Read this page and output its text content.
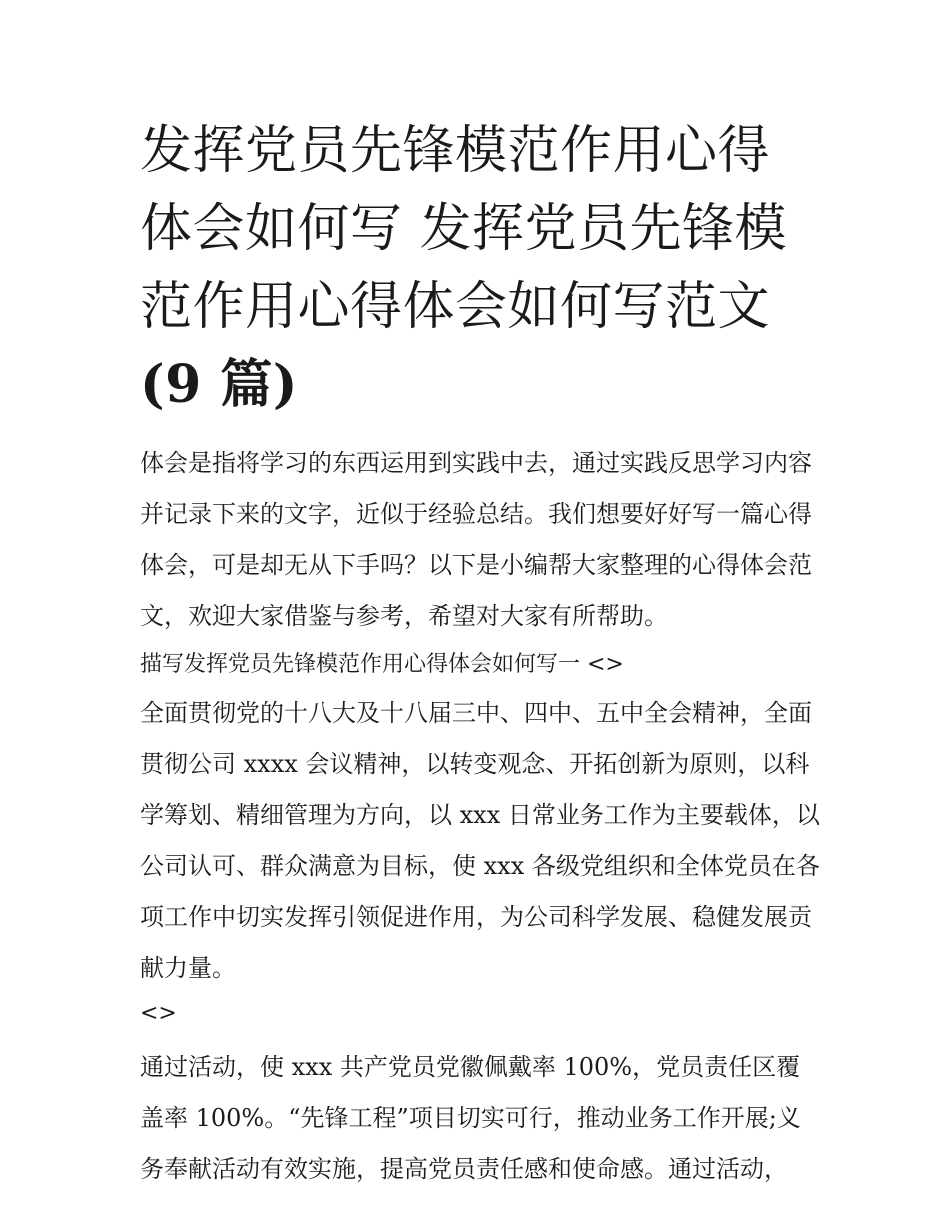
发挥党员先锋模范作用心得体会如何写 发挥党员先锋模范作用心得体会如何写范文(9 篇)

体会是指将学习的东西运用到实践中去，通过实践反思学习内容并记录下来的文字，近似于经验总结。我们想要好好写一篇心得体会，可是却无从下手吗？以下是小编帮大家整理的心得体会范文，欢迎大家借鉴与参考，希望对大家有所帮助。

描写发挥党员先锋模范作用心得体会如何写一 <>

全面贯彻党的十八大及十八届三中、四中、五中全会精神，全面贯彻公司 xxxx 会议精神，以转变观念、开拓创新为原则，以科学筹划、精细管理为方向，以 xxx 日常业务工作为主要载体，以公司认可、群众满意为目标，使 xxx 各级党组织和全体党员在各项工作中切实发挥引领促进作用，为公司科学发展、稳健发展贡献力量。

<>

通过活动，使 xxx 共产党员党徽佩戴率 100%，党员责任区覆盖率 100%。“先锋工程”项目切实可行，推动业务工作开展;义务奉献活动有效实施，提高党员责任感和使命感。通过活动，
